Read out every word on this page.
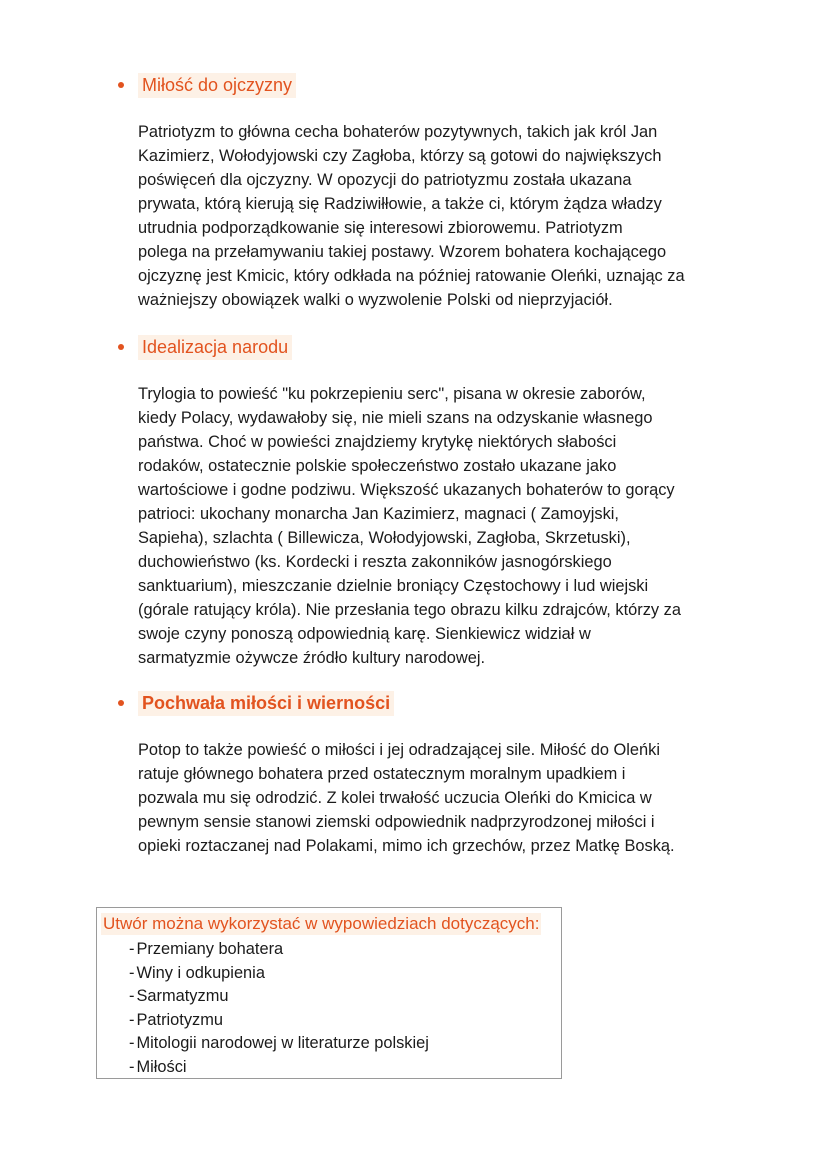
Miłość do ojczyzny
Patriotyzm to główna cecha bohaterów pozytywnych, takich jak król Jan
Kazimierz, Wołodyjowski czy Zagłoba, którzy są gotowi do największych
poświęceń dla ojczyzny. W opozycji do patriotyzmu została ukazana
prywata, którą kierują się Radziwiłłowie, a także ci, którym żądza władzy
utrudnia podporządkowanie się interesowi zbiorowemu. Patriotyzm
polega na przełamywaniu takiej postawy. Wzorem bohatera kochającego
ojczyznę jest Kmicic, który odkłada na później ratowanie Oleńki, uznając za
ważniejszy obowiązek walki o wyzwolenie Polski od nieprzyjaciół.
Idealizacja narodu
Trylogia to powieść "ku pokrzepieniu serc", pisana w okresie zaborów,
kiedy Polacy, wydawałoby się, nie mieli szans na odzyskanie własnego
państwa. Choć w powieści znajdziemy krytykę niektórych słabości
rodaków, ostatecznie polskie społeczeństwo zostało ukazane jako
wartościowe i godne podziwu. Większość ukazanych bohaterów to gorący
patrioci: ukochany monarcha Jan Kazimierz, magnaci ( Zamoyjski,
Sapieha), szlachta ( Billewicza, Wołodyjowski, Zagłoba, Skrzetuski),
duchowieństwo (ks. Kordecki i reszta zakonników jasnogórskiego
sanktuarium), mieszczanie dzielnie broniący Częstochowy i lud wiejski
(górale ratujący króla). Nie przesłania tego obrazu kilku zdrajców, którzy za
swoje czyny ponoszą odpowiednią karę. Sienkiewicz widział w
sarmatyzmie ożywcze źródło kultury narodowej.
Pochwała miłości i wierności
Potop to także powieść o miłości i jej odradzającej sile. Miłość do Oleńki
ratuje głównego bohatera przed ostatecznym moralnym upadkiem i
pozwala mu się odrodzić. Z kolei trwałość uczucia Oleńki do Kmicica w
pewnym sensie stanowi ziemski odpowiednik nadprzyrodzonej miłości i
opieki roztaczanej nad Polakami, mimo ich grzechów, przez Matkę Boską.
Utwór można wykorzystać w wypowiedziach dotyczących:
- Przemiany bohatera
- Winy i odkupienia
- Sarmatyzmu
- Patriotyzmu
- Mitologii narodowej w literaturze polskiej
- Miłości
